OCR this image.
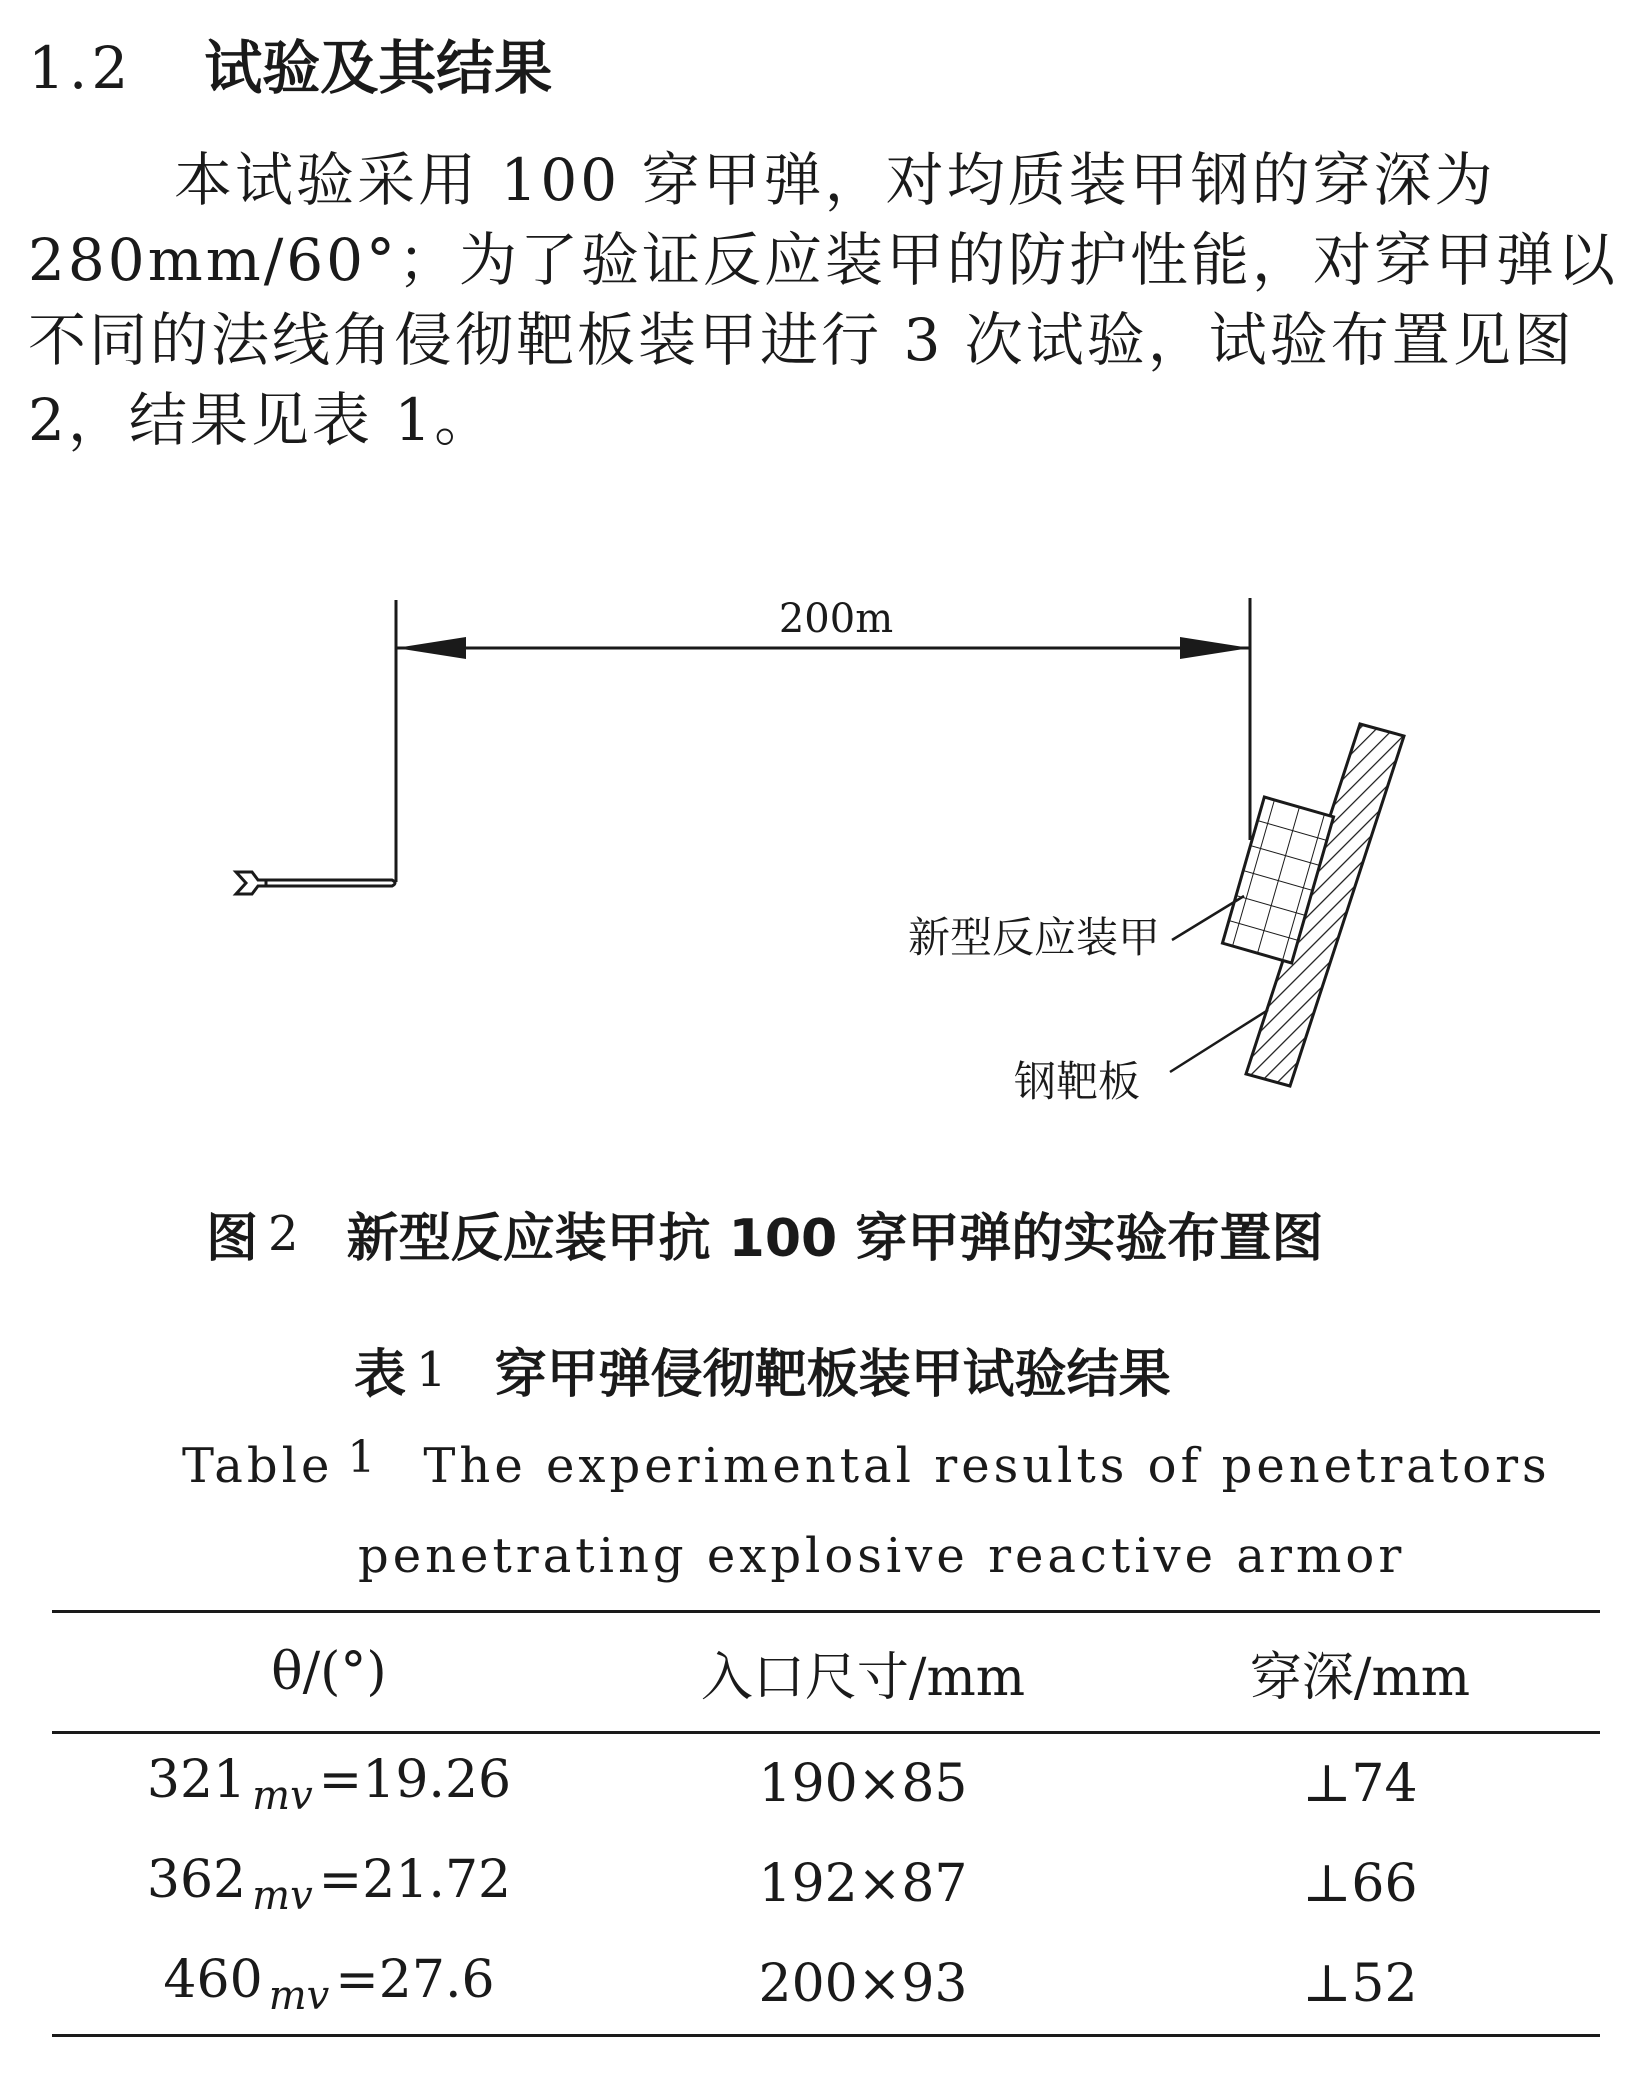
1.2 试验及其结果
本试验采用 100 穿甲弹，对均质装甲钢的穿深为 280mm/60°；为了验证反应装甲的防护性能，对穿甲弹以不同的法线角侵彻靶板装甲进行 3 次试验，试验布置见图 2，结果见表 1。
200m
新型反应装甲
钢靶板
图 2 新型反应装甲抗 100 穿甲弹的实验布置图
表 1 穿甲弹侵彻靶板装甲试验结果
Table 1 The experimental results of penetrators
penetrating explosive reactive armor
θ/(°)	入口尺寸/mm	穿深/mm
321 $_{mv}$ =19.26	190×85	⊥74
362 $_{mv}$ =21.72	192×87	⊥66
460 $_{mv}$ =27.6	200×93	⊥52
